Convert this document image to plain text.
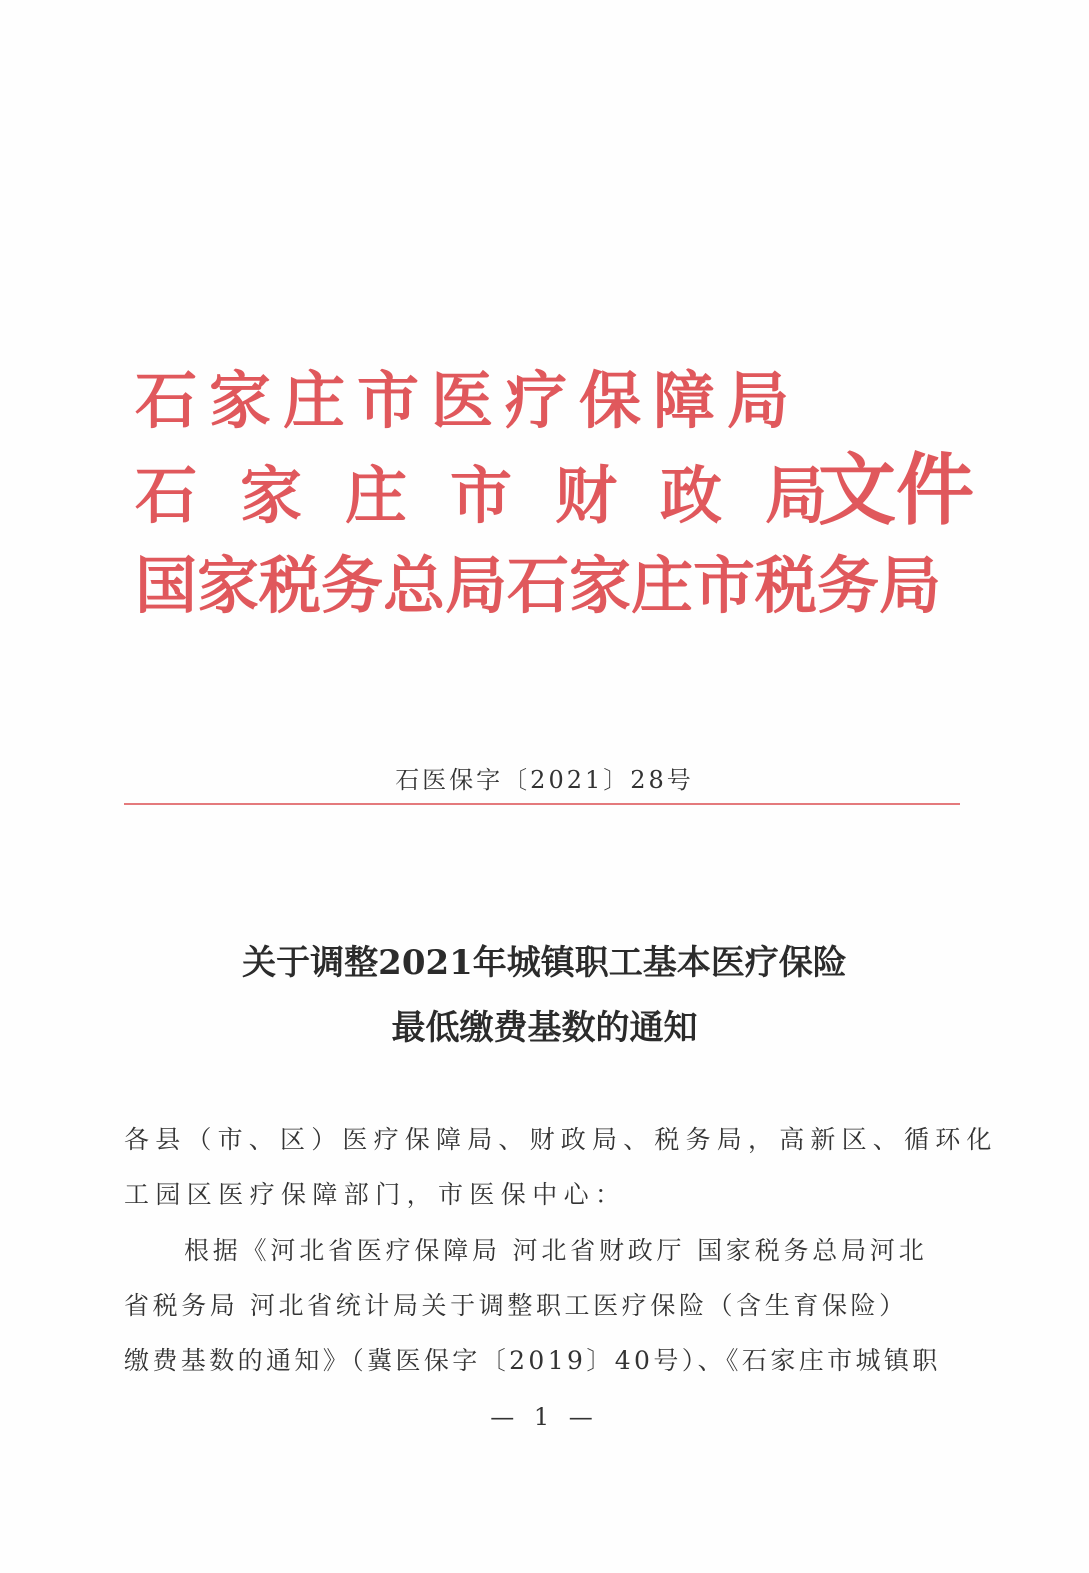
石家庄市医疗保障局
石家庄市财政局
国家税务总局石家庄市税务局
文件
石医保字〔2021〕28号
关于调整2021年城镇职工基本医疗保险
最低缴费基数的通知
各县（市、区）医疗保障局、财政局、税务局，高新区、循环化
工园区医疗保障部门，市医保中心：
根据《河北省医疗保障局 河北省财政厅 国家税务总局河北
省税务局 河北省统计局关于调整职工医疗保险（含生育保险）
缴费基数的通知》（冀医保字〔2019〕40号）、《石家庄市城镇职
— 1 —
